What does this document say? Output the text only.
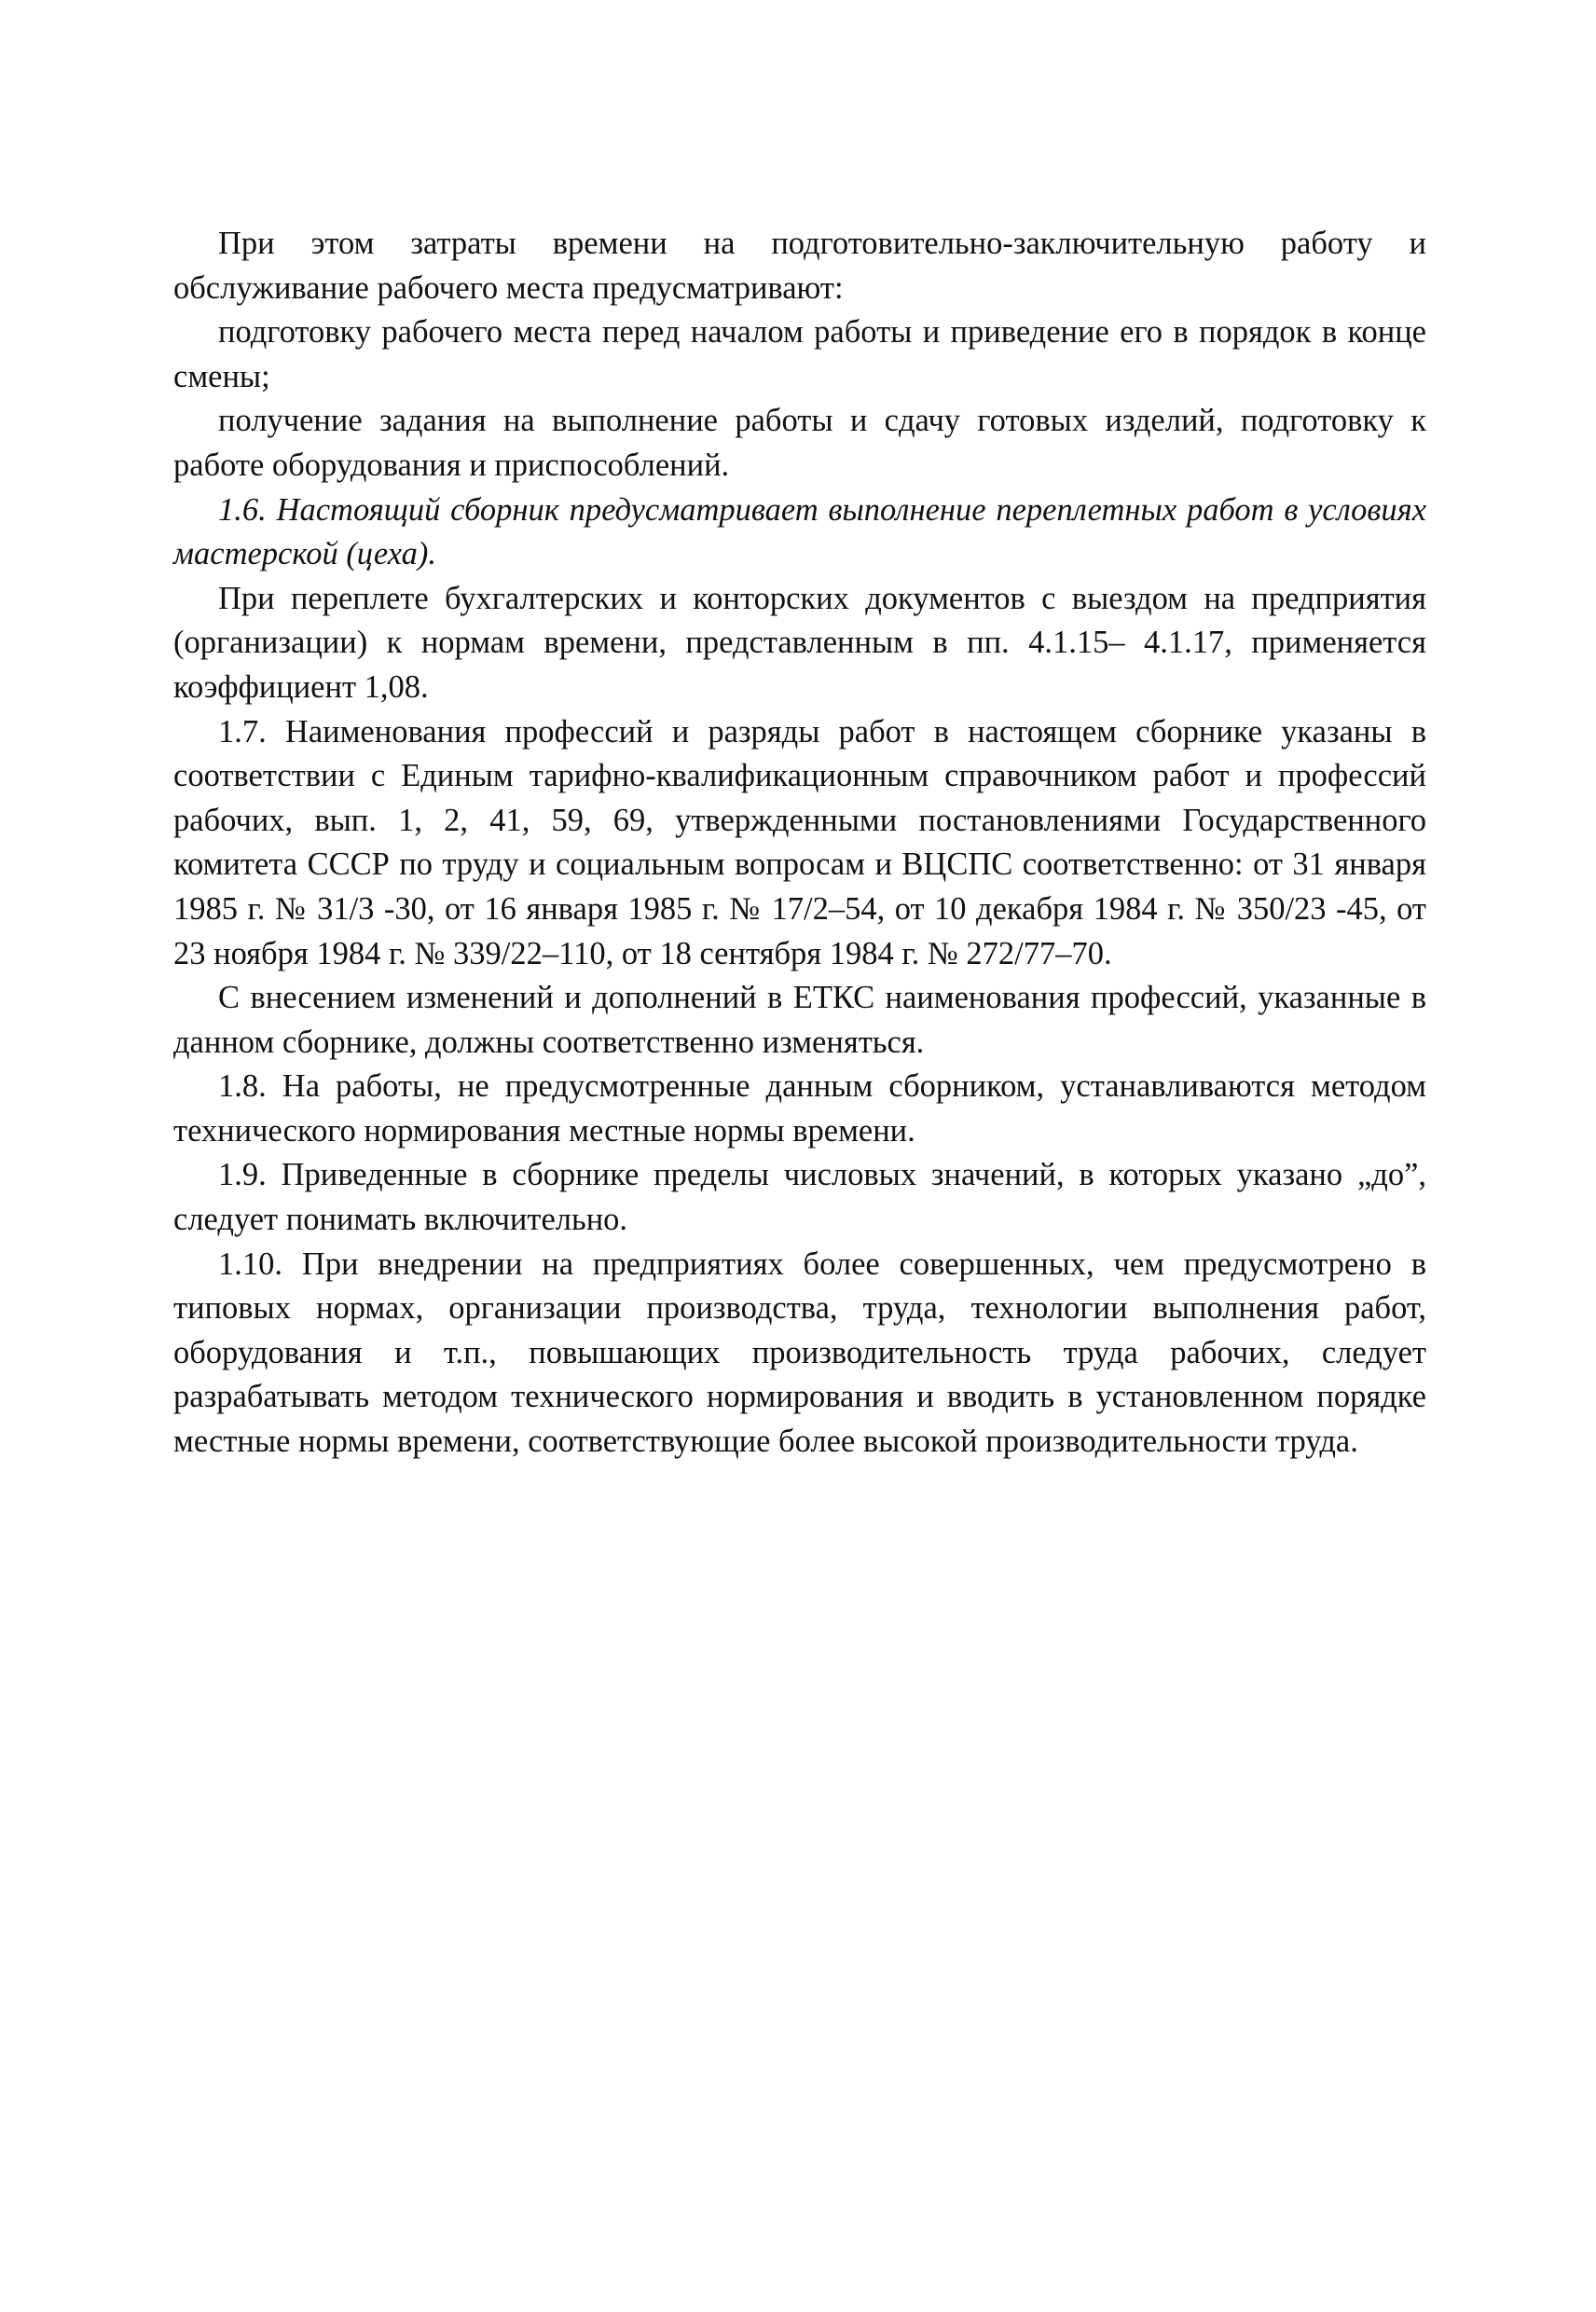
При этом затраты времени на подготовительно-заключительную работу и обслуживание рабочего места предусматривают:

подготовку рабочего места перед началом работы и приведение его в порядок в конце смены;

получение задания на выполнение работы и сдачу готовых изделий, подготовку к работе оборудования и приспособлений.

1.6. Настоящий сборник предусматривает выполнение переплетных работ в условиях мастерской (цеха).

При переплете бухгалтерских и конторских документов с выездом на предприятия (организации) к нормам времени, представленным в пп. 4.1.15– 4.1.17, применяется коэффициент 1,08.

1.7. Наименования профессий и разряды работ в настоящем сборнике указаны в соответствии с Единым тарифно-квалификационным справочником работ и профессий рабочих, вып. 1, 2, 41, 59, 69, утвержденными постановлениями Государственного комитета СССР по труду и социальным вопросам и ВЦСПС соответственно: от 31 января 1985 г. № 31/3 -30, от 16 января 1985 г. № 17/2–54, от 10 декабря 1984 г. № 350/23 -45, от 23 ноября 1984 г. № 339/22–110, от 18 сентября 1984 г. № 272/77–70.

С внесением изменений и дополнений в ЕТКС наименования профессий, указанные в данном сборнике, должны соответственно изменяться.

1.8. На работы, не предусмотренные данным сборником, устанавливаются методом технического нормирования местные нормы времени.

1.9. Приведенные в сборнике пределы числовых значений, в которых указано „до”, следует понимать включительно.

1.10. При внедрении на предприятиях более совершенных, чем предусмотрено в типовых нормах, организации производства, труда, технологии выполнения работ, оборудования и т.п., повышающих производительность труда рабочих, следует разрабатывать методом технического нормирования и вводить в установленном порядке местные нормы времени, соответствующие более высокой производительности труда.
